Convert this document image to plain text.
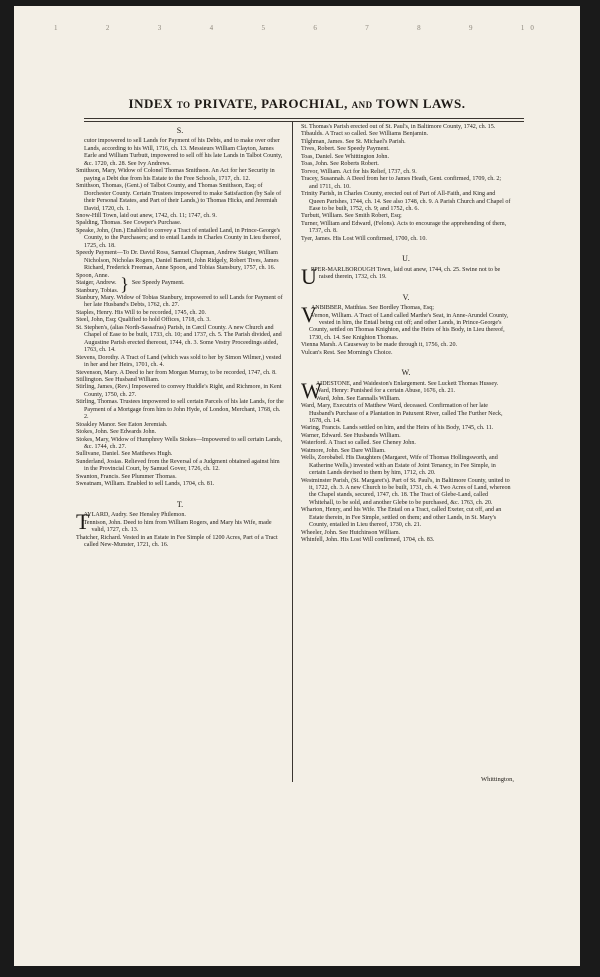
1	2	3	4	5	6	7	8	9	10
INDEX TO PRIVATE, PAROCHIAL, AND TOWN LAWS.
S.

cutor impowered to sell Lands for Payment of his Debts, and to make over other Lands, according to his Will, 1716, ch. 13. Messieurs William Clayton, James Earle and William Turbutt, impowered to sell off his late Lands in Talbot County, &c. 1720, ch. 28. See Ivy Andrews.

Smithson, Mary, Widow of Colonel Thomas Smithson. An Act for her Security in paying a Debt due from his Estate to the Free Schools, 1717, ch. 12.

Smithson, Thomas, (Gent.) of Talbot County, and Thomas Smithson, Esq; of Dorchester County. Certain Trustees impowered to make Satisfaction (by Sale of their Personal Estates, and Part of their Lands,) to Thomas Hicks, and Jeremiah David, 1720, ch. 1.

Snow-Hill Town, laid out anew, 1742, ch. 11; 1747, ch. 9.

Spalding, Thomas. See Cowper's Purchase.

Speake, John, (Jun.) Enabled to convey a Tract of entailed Land, in Prince-George's County, to the Purchasers; and to entail Lands in Charles County in Lieu thereof, 1725, ch. 18.

Speedy Payment—To Dr. David Ross, Samuel Chapman, Andrew Staiger, William Nicholson, Nicholas Rogers, Daniel Barnett, John Ridgely, Robert Tives, James Richard, Frederick Freeman, Anne Spoon, and Tobias Stansbury, 1757, ch. 16.

Spoon, Anne.
Staiger, Andrew.
Stanbury, Tobias. } See Speedy Payment.

Stanbury, Mary. Widow of Tobias Stanbury, impowered to sell Lands for Payment of her late Husband's Debts, 1762, ch. 27.

Staples, Henry. His Will to be recorded, 1745, ch. 20.

Steel, John, Esq; Qualified to hold Offices, 1718, ch. 3.

St. Stephen's, (alias North-Sassafras) Parish, in Cæcil County. A new Church and Chapel of Ease to be built, 1733, ch. 10; and 1737, ch. 5. The Parish divided, and Augustine Parish erected thereout, 1744, ch. 3. Some Vestry Proceedings aided, 1763, ch. 14.

Stevens, Dorothy. A Tract of Land (which was sold to her by Simon Wilmer,) vested in her and her Heirs, 1701, ch. 4.

Stevenson, Mary. A Deed to her from Morgan Murray, to be recorded, 1747, ch. 8.

Stillington. See Husband William.

Stirling, James, (Rev.) Impowered to convey Huddle's Right, and Richmore, in Kent County, 1750, ch. 27.

Stirling, Thomas. Trustees impowered to sell certain Parcels of his late Lands, for the Payment of a Mortgage from him to John Hyde, of London, Merchant, 1768, ch. 2.

Stoakley Manor. See Eaton Jeremiah.

Stokes, John. See Edwards John.

Stokes, Mary, Widow of Humphrey Wells Stokes—Impowered to sell certain Lands, &c. 1744, ch. 27.

Sullivane, Daniel. See Matthews Hugh.

Sunderland, Josias. Relieved from the Reversal of a Judgment obtained against him in the Provincial Court, by Samuel Gover, 1726, ch. 12.

Swanton, Francis. See Plummer Thomas.

Sweatnam, William. Enabled to sell Lands, 1704, ch. 81.

T.

T
AYLARD, Audry. See Hensley Philemon.

Tennison, John. Deed to him from William Rogers, and Mary his Wife, made valid, 1727, ch. 13.

Thatcher, Richard. Vested in an Estate in Fee Simple of 1200 Acres, Part of a Tract called New-Munster, 1721, ch. 16.

St. Thomas's Parish erected out of St. Paul's, in Baltimore County, 1742, ch. 15.

Tibaulds. A Tract so called. See Williams Benjamin.

Tilghman, James. See St. Michael's Parish.

Tives, Robert. See Speedy Payment.

Toas, Daniel. See Whittington John.

Toas, John. See Roberts Robert.

Torvor, William. Act for his Relief, 1737, ch. 9.

Tracey, Susannah. A Deed from her to James Heath, Gent. confirmed, 1709, ch. 2; and 1711, ch. 10.

Trinity Parish, in Charles County, erected out of Part of All-Faith, and King and Queen Parishes, 1744, ch. 14. See also 1748, ch. 9. A Parish Church and Chapel of Ease to be built, 1752, ch. 9; and 1752, ch. 6.

Turbutt, William. See Smith Robert, Esq;

Turner, William and Edward, (Felons). Acts to encourage the apprehending of them, 1737, ch. 8.

Tyer, James. His Lost Will confirmed, 1700, ch. 10.

U.

U
PPER-MARLBOROUGH Town, laid out anew, 1744, ch. 25. Swine not to be raised therein, 1732, ch. 19.

V.

V
ANBIBBER, Matthias. See Bordley Thomas, Esq;

Vernon, William. A Tract of Land called Marthe's Seat, in Anne-Arundel County, vested in him, the Entail being cut off; and other Lands, in Prince-George's County, settled on Thomas Knighton, and the Heirs of his Body, in Lieu thereof, 1730, ch. 14. See Knighton Thomas.

Vienna Marsh. A Causeway to be made through it, 1756, ch. 20.

Vulcan's Rest. See Morning's Choice.

W.

W
AIDESTONE, and Waideston's Enlargement. See Luckett Thomas Hussey.

Ward, Henry: Punished for a certain Abuse, 1676, ch. 21.

Ward, John. See Eannalls William.

Ward, Mary, Executrix of Matthew Ward, deceased. Confirmation of her late Husband's Purchase of a Plantation in Patuxent River, called The Further Neck, 1678, ch. 14.

Waring, Francis. Lands settled on him, and the Heirs of his Body, 1745, ch. 11.

Warner, Edward. See Husbands William.

Waterford. A Tract so called. See Cheney John.

Watmore, John. See Dare William.

Wells, Zorobabel. His Daughters (Margaret, Wife of Thomas Hollingsworth, and Katherine Wells,) invested with an Estate of Joint Tenancy, in Fee Simple, in certain Lands devised to them by him, 1712, ch. 20.

Westminster Parish, (St. Margaret's). Part of St. Paul's, in Baltimore County, united to it, 1722, ch. 3. A new Church to be built, 1731, ch. 4. Two Acres of Land, whereon the Chapel stands, secured, 1747, ch. 18. The Tract of Glebe-Land, called Whitehall, to be sold, and another Glebe to be purchased, &c. 1763, ch. 20.

Wharton, Henry, and his Wife. The Entail on a Tract, called Exeter, cut off, and an Estate therein, in Fee Simple, settled on them; and other Lands, in St. Mary's County, entailed in Lieu thereof, 1730, ch. 21.

Wheeler, John. See Hutchinson William.

Whinfell, John. His Lost Will confirmed, 1704, ch. 83.

Whittington,
